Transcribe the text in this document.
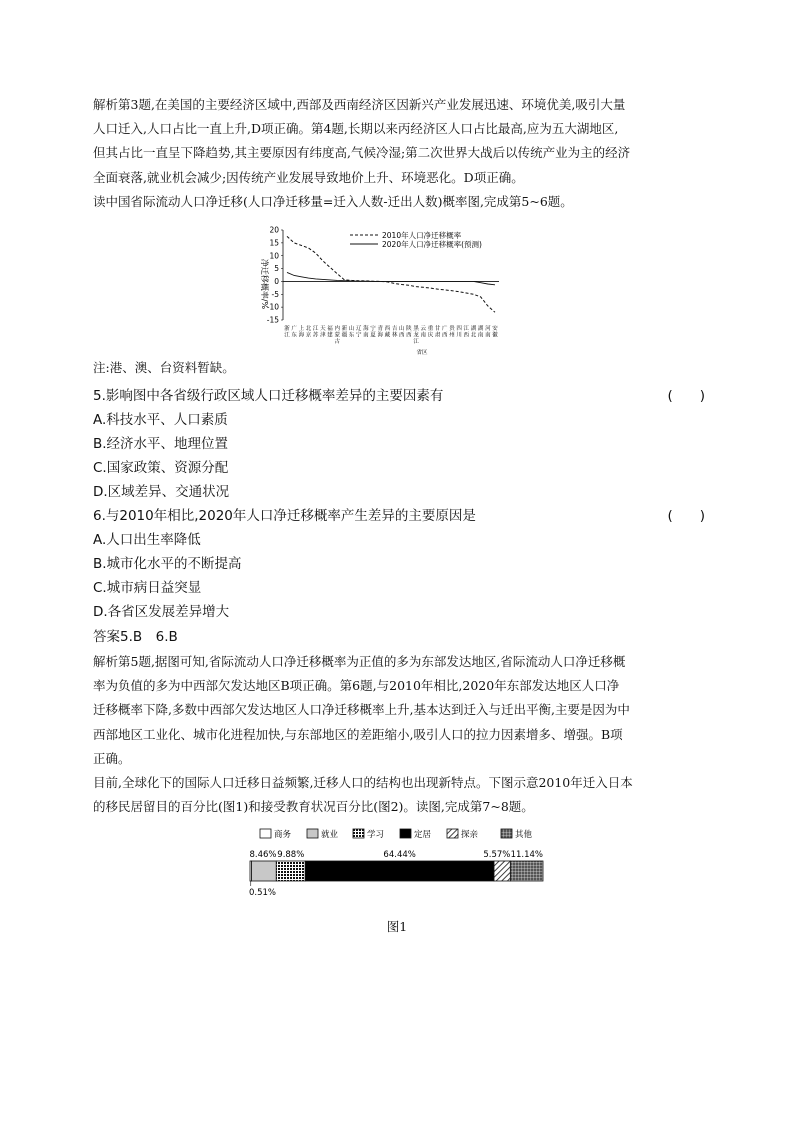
解析第3题,在美国的主要经济区域中,西部及西南经济区因新兴产业发展迅速、环境优美,吸引大量
人口迁入,人口占比一直上升,D项正确。第4题,长期以来丙经济区人口占比最高,应为五大湖地区,
但其占比一直呈下降趋势,其主要原因有纬度高,气候冷湿;第二次世界大战后以传统产业为主的经济
全面衰落,就业机会减少;因传统产业发展导致地价上升、环境恶化。D项正确。
读中国省际流动人口净迁移(人口净迁移量=迁入人数-迁出人数)概率图,完成第5~6题。
20
15
10
5
0
-5
-10
-15
浙
江
广
东
上
海
北
京
江
苏
天
津
福
建
内
蒙
古
新
疆
山
东
辽
宁
海
南
宁
夏
青
海
西
藏
吉
林
山
西
陕
西
黑
龙
江
云
南
重
庆
甘
肃
广
西
贵
州
四
川
江
西
湖
北
湖
南
河
南
安
徽
2010年人口净迁移概率
2020年人口净迁移概率(预测)
净迁移概率/%
省区
注:港、澳、台资料暂缺。
5.影响图中各省级行政区域人口迁移概率差异的主要因素有	(　　)
A.科技水平、人口素质
B.经济水平、地理位置
C.国家政策、资源分配
D.区域差异、交通状况
6.与2010年相比,2020年人口净迁移概率产生差异的主要原因是	(　　)
A.人口出生率降低
B.城市化水平的不断提高
C.城市病日益突显
D.各省区发展差异增大
答案5.B　6.B
解析第5题,据图可知,省际流动人口净迁移概率为正值的多为东部发达地区,省际流动人口净迁移概
率为负值的多为中西部欠发达地区B项正确。第6题,与2010年相比,2020年东部发达地区人口净
迁移概率下降,多数中西部欠发达地区人口净迁移概率上升,基本达到迁入与迁出平衡,主要是因为中
西部地区工业化、城市化进程加快,与东部地区的差距缩小,吸引人口的拉力因素增多、增强。B项
正确。
目前,全球化下的国际人口迁移日益频繁,迁移人口的结构也出现新特点。下图示意2010年迁入日本
的移民居留目的百分比(图1)和接受教育状况百分比(图2)。读图,完成第7~8题。
商务	就业	学习	定居	探亲	其他
0.51%
8.46% 9.88%	64.44%	5.57% 11.14%
图1
